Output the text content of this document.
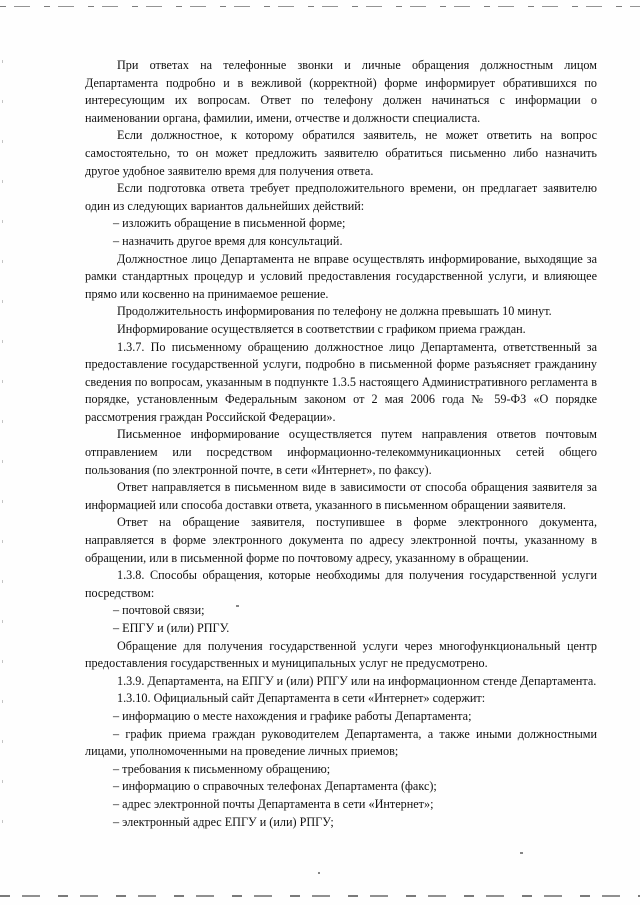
При ответах на телефонные звонки и личные обращения должностным лицом Департамента подробно и в вежливой (корректной) форме информирует обратившихся по интересующим их вопросам. Ответ по телефону должен начинаться с информации о наименовании органа, фамилии, имени, отчестве и должности специалиста.

Если должностное, к которому обратился заявитель, не может ответить на вопрос самостоятельно, то он может предложить заявителю обратиться письменно либо назначить другое удобное заявителю время для получения ответа.

Если подготовка ответа требует предположительного времени, он предлагает заявителю один из следующих вариантов дальнейших действий:

– изложить обращение в письменной форме;

– назначить другое время для консультаций.

Должностное лицо Департамента не вправе осуществлять информирование, выходящие за рамки стандартных процедур и условий предоставления государственной услуги, и влияющее прямо или косвенно на принимаемое решение.

Продолжительность информирования по телефону не должна превышать 10 минут.

Информирование осуществляется в соответствии с графиком приема граждан.

1.3.7. По письменному обращению должностное лицо Департамента, ответственный за предоставление государственной услуги, подробно в письменной форме разъясняет гражданину сведения по вопросам, указанным в подпункте 1.3.5 настоящего Административного регламента в порядке, установленным Федеральным законом от 2 мая 2006 года № 59-ФЗ «О порядке рассмотрения граждан Российской Федерации».

Письменное информирование осуществляется путем направления ответов почтовым отправлением или посредством информационно-телекоммуникационных сетей общего пользования (по электронной почте, в сети «Интернет», по факсу).

Ответ направляется в письменном виде в зависимости от способа обращения заявителя за информацией или способа доставки ответа, указанного в письменном обращении заявителя.

Ответ на обращение заявителя, поступившее в форме электронного документа, направляется в форме электронного документа по адресу электронной почты, указанному в обращении, или в письменной форме по почтовому адресу, указанному в обращении.

1.3.8. Способы обращения, которые необходимы для получения государственной услуги посредством:

– почтовой связи;

– ЕПГУ и (или) РПГУ.

Обращение для получения государственной услуги через многофункциональный центр предоставления государственных и муниципальных услуг не предусмотрено.

1.3.9. Департамента, на ЕПГУ и (или) РПГУ или на информационном стенде Департамента.

1.3.10. Официальный сайт Департамента в сети «Интернет» содержит:

– информацию о месте нахождения и графике работы Департамента;

– график приема граждан руководителем Департамента, а также иными должностными лицами, уполномоченными на проведение личных приемов;

– требования к письменному обращению;

– информацию о справочных телефонах Департамента (факс);

– адрес электронной почты Департамента в сети «Интернет»;

– электронный адрес ЕПГУ и (или) РПГУ;
